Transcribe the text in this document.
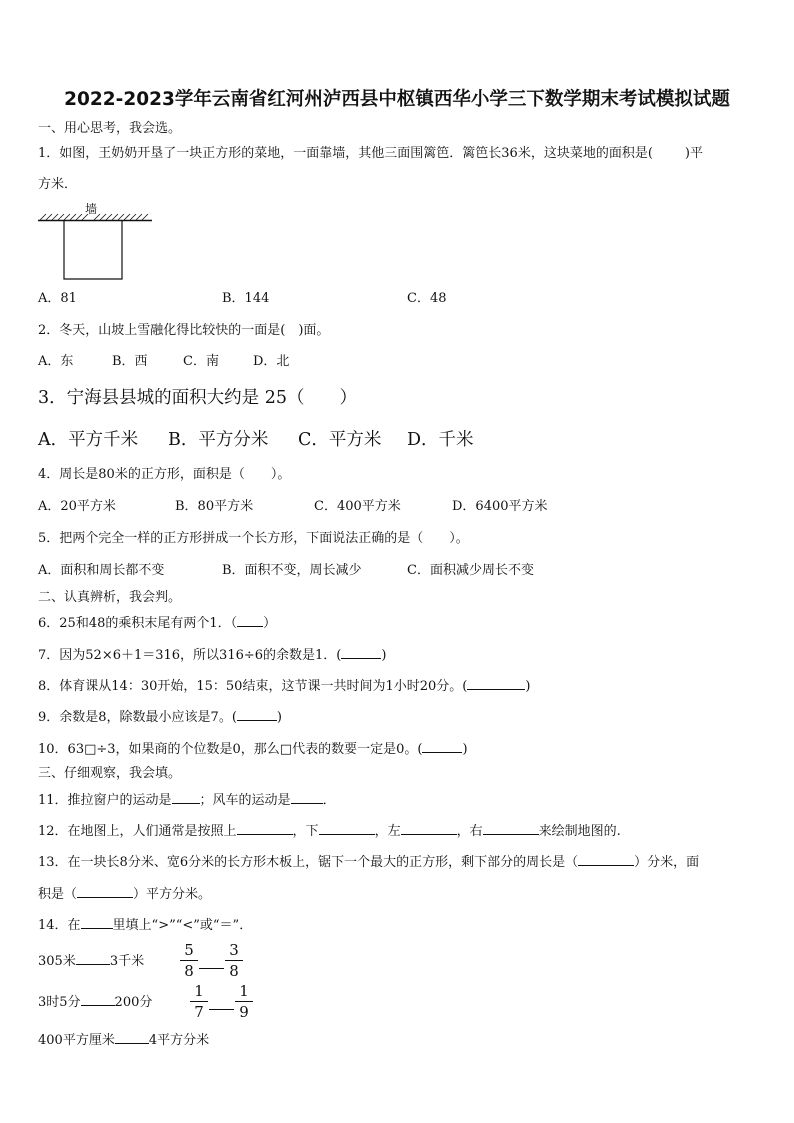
2022-2023学年云南省红河州泸西县中枢镇西华小学三下数学期末考试模拟试题
一、用心思考，我会选。
1．如图，王奶奶开垦了一块正方形的菜地，一面靠墙，其他三面围篱笆．篱笆长36米，这块菜地的面积是( )平
方米．
墙
A．81	B．144	C．48
2．冬天，山坡上雪融化得比较快的一面是(　)面。
A．东	B．西	C．南	D．北
3．宁海县县城的面积大约是 25（　　）
A．平方千米 B．平方分米 C．平方米 D．千米
4．周长是80米的正方形，面积是（　　）。
A．20平方米	B．80平方米	C．400平方米	D．6400平方米
5．把两个完全一样的正方形拼成一个长方形，下面说法正确的是（　　）。
A．面积和周长都不变	B．面积不变，周长减少	C．面积减少周长不变
二、认真辨析，我会判。
6．25和48的乘积末尾有两个1．（ ）
7．因为52×6＋1＝316，所以316÷6的余数是1．(	)
8．体育课从14：30开始，15：50结束，这节课一共时间为1小时20分。(	)
9．余数是8，除数最小应该是7。(	)
10．63□÷3，如果商的个位数是0，那么□代表的数要一定是0。(	)
三、仔细观察，我会填。
11．推拉窗户的运动是 ；风车的运动是 ．
12．在地图上，人们通常是按照上	，下	，左	，右	来绘制地图的.
13．在一块长8分米、宽6分米的长方形木板上，锯下一个最大的正方形，剩下部分的周长是（	）分米，面
积是（	）平方分米。
14．在 里填上“>”“<”或“＝”．
305米	3千米
5
8
3
8
3时5分	200分
1
7
1
9
400平方厘米	4平方分米
